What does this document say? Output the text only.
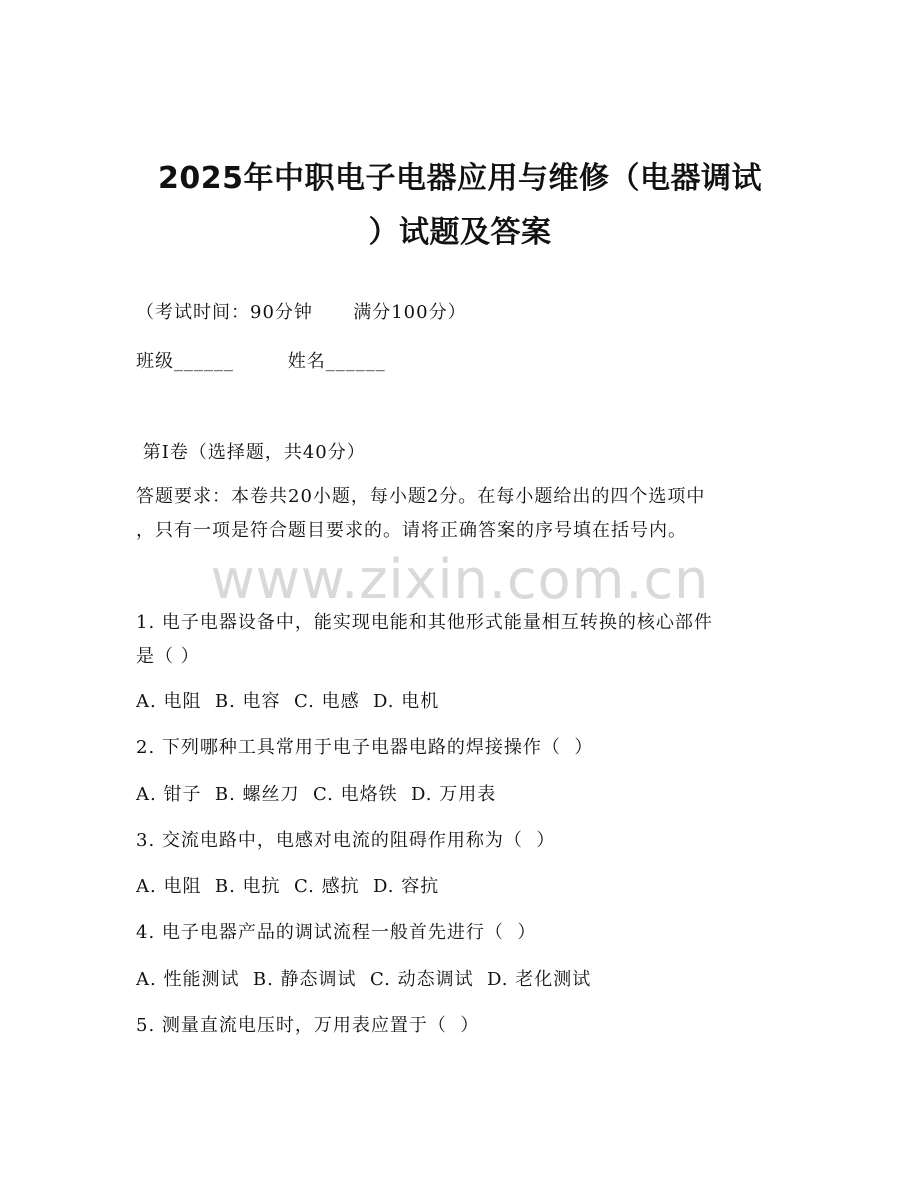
2025年中职电子电器应用与维修（电器调试
）试题及答案
（考试时间：90分钟      满分100分）
班级______        姓名______
第I卷（选择题，共40分）
答题要求：本卷共20小题，每小题2分。在每小题给出的四个选项中
，只有一项是符合题目要求的。请将正确答案的序号填在括号内。
www.zixin.com.cn
1. 电子电器设备中，能实现电能和其他形式能量相互转换的核心部件
是（ ）
A. 电阻  B. 电容  C. 电感  D. 电机
2. 下列哪种工具常用于电子电器电路的焊接操作（  ）
A. 钳子  B. 螺丝刀  C. 电烙铁  D. 万用表
3. 交流电路中，电感对电流的阻碍作用称为（  ）
A. 电阻  B. 电抗  C. 感抗  D. 容抗
4. 电子电器产品的调试流程一般首先进行（  ）
A. 性能测试  B. 静态调试  C. 动态调试  D. 老化测试
5. 测量直流电压时，万用表应置于（  ）
